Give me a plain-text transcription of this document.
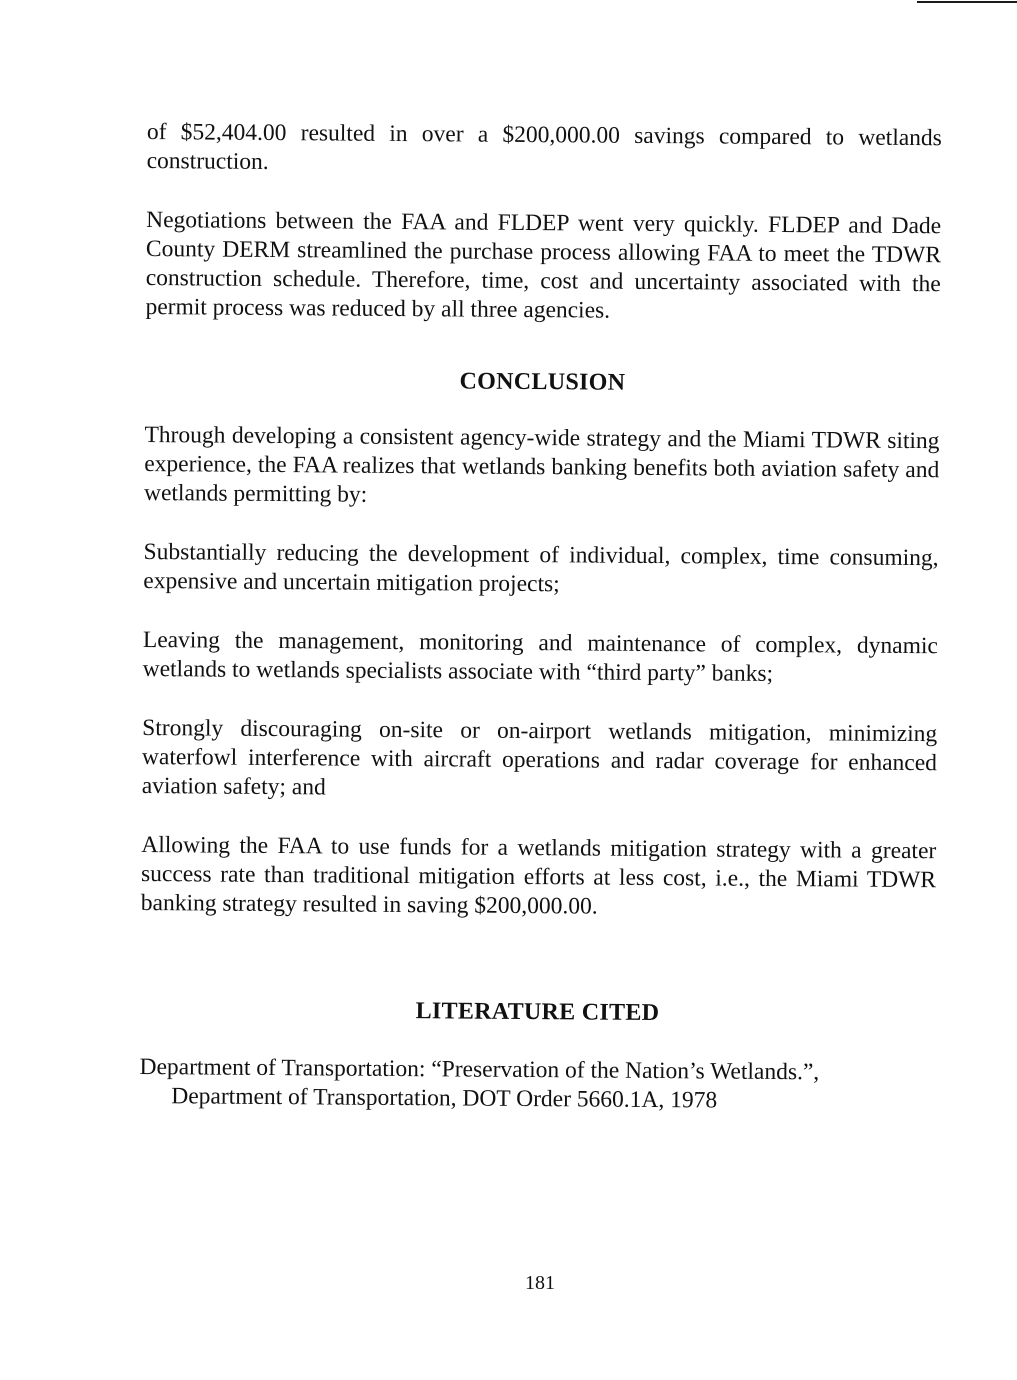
of $52,404.00 resulted in over a $200,000.00 savings compared to wetlands construction.

Negotiations between the FAA and FLDEP went very quickly. FLDEP and Dade County DERM streamlined the purchase process allowing FAA to meet the TDWR construction schedule. Therefore, time, cost and uncertainty associated with the permit process was reduced by all three agencies.

CONCLUSION

Through developing a consistent agency-wide strategy and the Miami TDWR siting experience, the FAA realizes that wetlands banking benefits both aviation safety and wetlands permitting by:

Substantially reducing the development of individual, complex, time consuming, expensive and uncertain mitigation projects;

Leaving the management, monitoring and maintenance of complex, dynamic wetlands to wetlands specialists associate with “third party” banks;

Strongly discouraging on-site or on-airport wetlands mitigation, minimizing waterfowl interference with aircraft operations and radar coverage for enhanced aviation safety; and

Allowing the FAA to use funds for a wetlands mitigation strategy with a greater success rate than traditional mitigation efforts at less cost, i.e., the Miami TDWR banking strategy resulted in saving $200,000.00.

LITERATURE CITED
Department of Transportation: “Preservation of the Nation’s Wetlands.”, Department of Transportation, DOT Order 5660.1A, 1978
181
